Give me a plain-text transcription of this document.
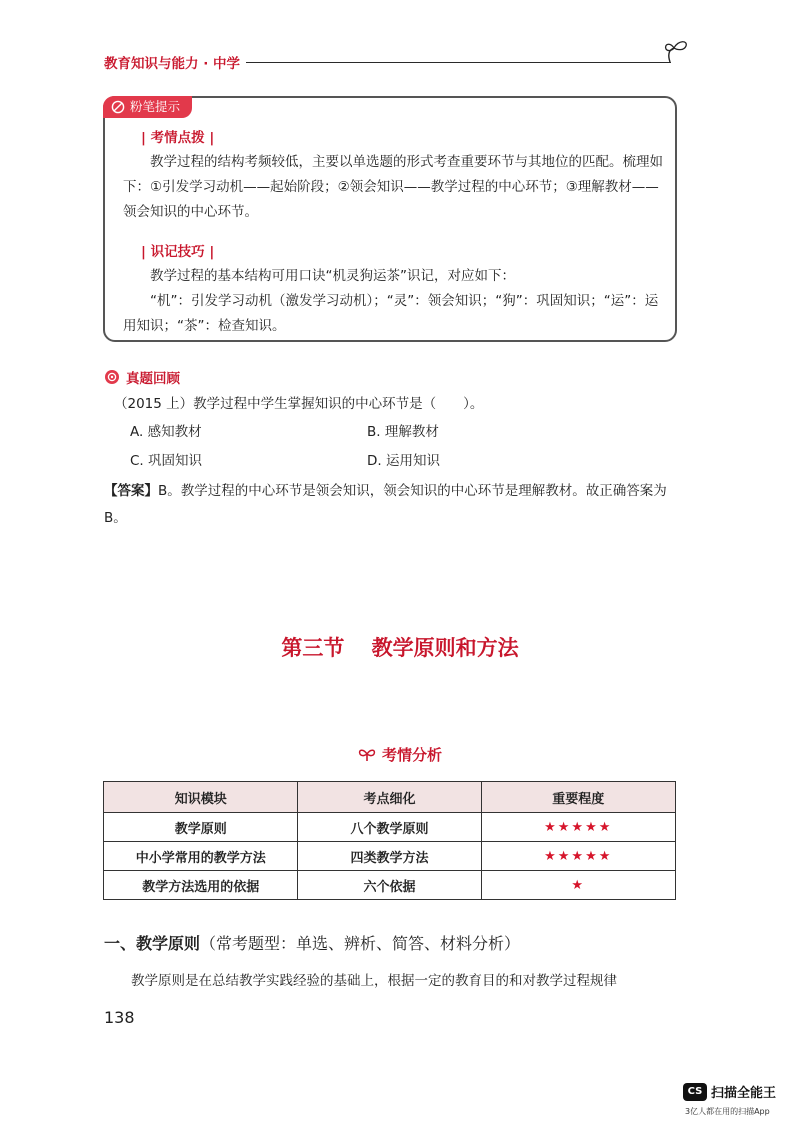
教育知识与能力 · 中学
粉笔提示
| 考情点拨 |
教学过程的结构考频较低，主要以单选题的形式考查重要环节与其地位的匹配。梳理如下：①引发学习动机——起始阶段；②领会知识——教学过程的中心环节；③理解教材——领会知识的中心环节。
| 识记技巧 |
教学过程的基本结构可用口诀“机灵狗运茶”识记，对应如下：
“机”：引发学习动机（激发学习动机）；“灵”：领会知识；“狗”：巩固知识；“运”：运用知识；“茶”：检查知识。
真题回顾
（2015 上）教学过程中学生掌握知识的中心环节是（　　）。
A. 感知教材	B. 理解教材
C. 巩固知识	D. 运用知识
【答案】B。教学过程的中心环节是领会知识，领会知识的中心环节是理解教材。故正确答案为 B。
第三节 教学原则和方法
考情分析
知识模块	考点细化	重要程度
教学原则	八个教学原则	★★★★★
中小学常用的教学方法	四类教学方法	★★★★★
教学方法选用的依据	六个依据	★
一、教学原则（常考题型：单选、辨析、简答、材料分析）
教学原则是在总结教学实践经验的基础上，根据一定的教育目的和对教学过程规律
138
CS 扫描全能王
3亿人都在用的扫描App
